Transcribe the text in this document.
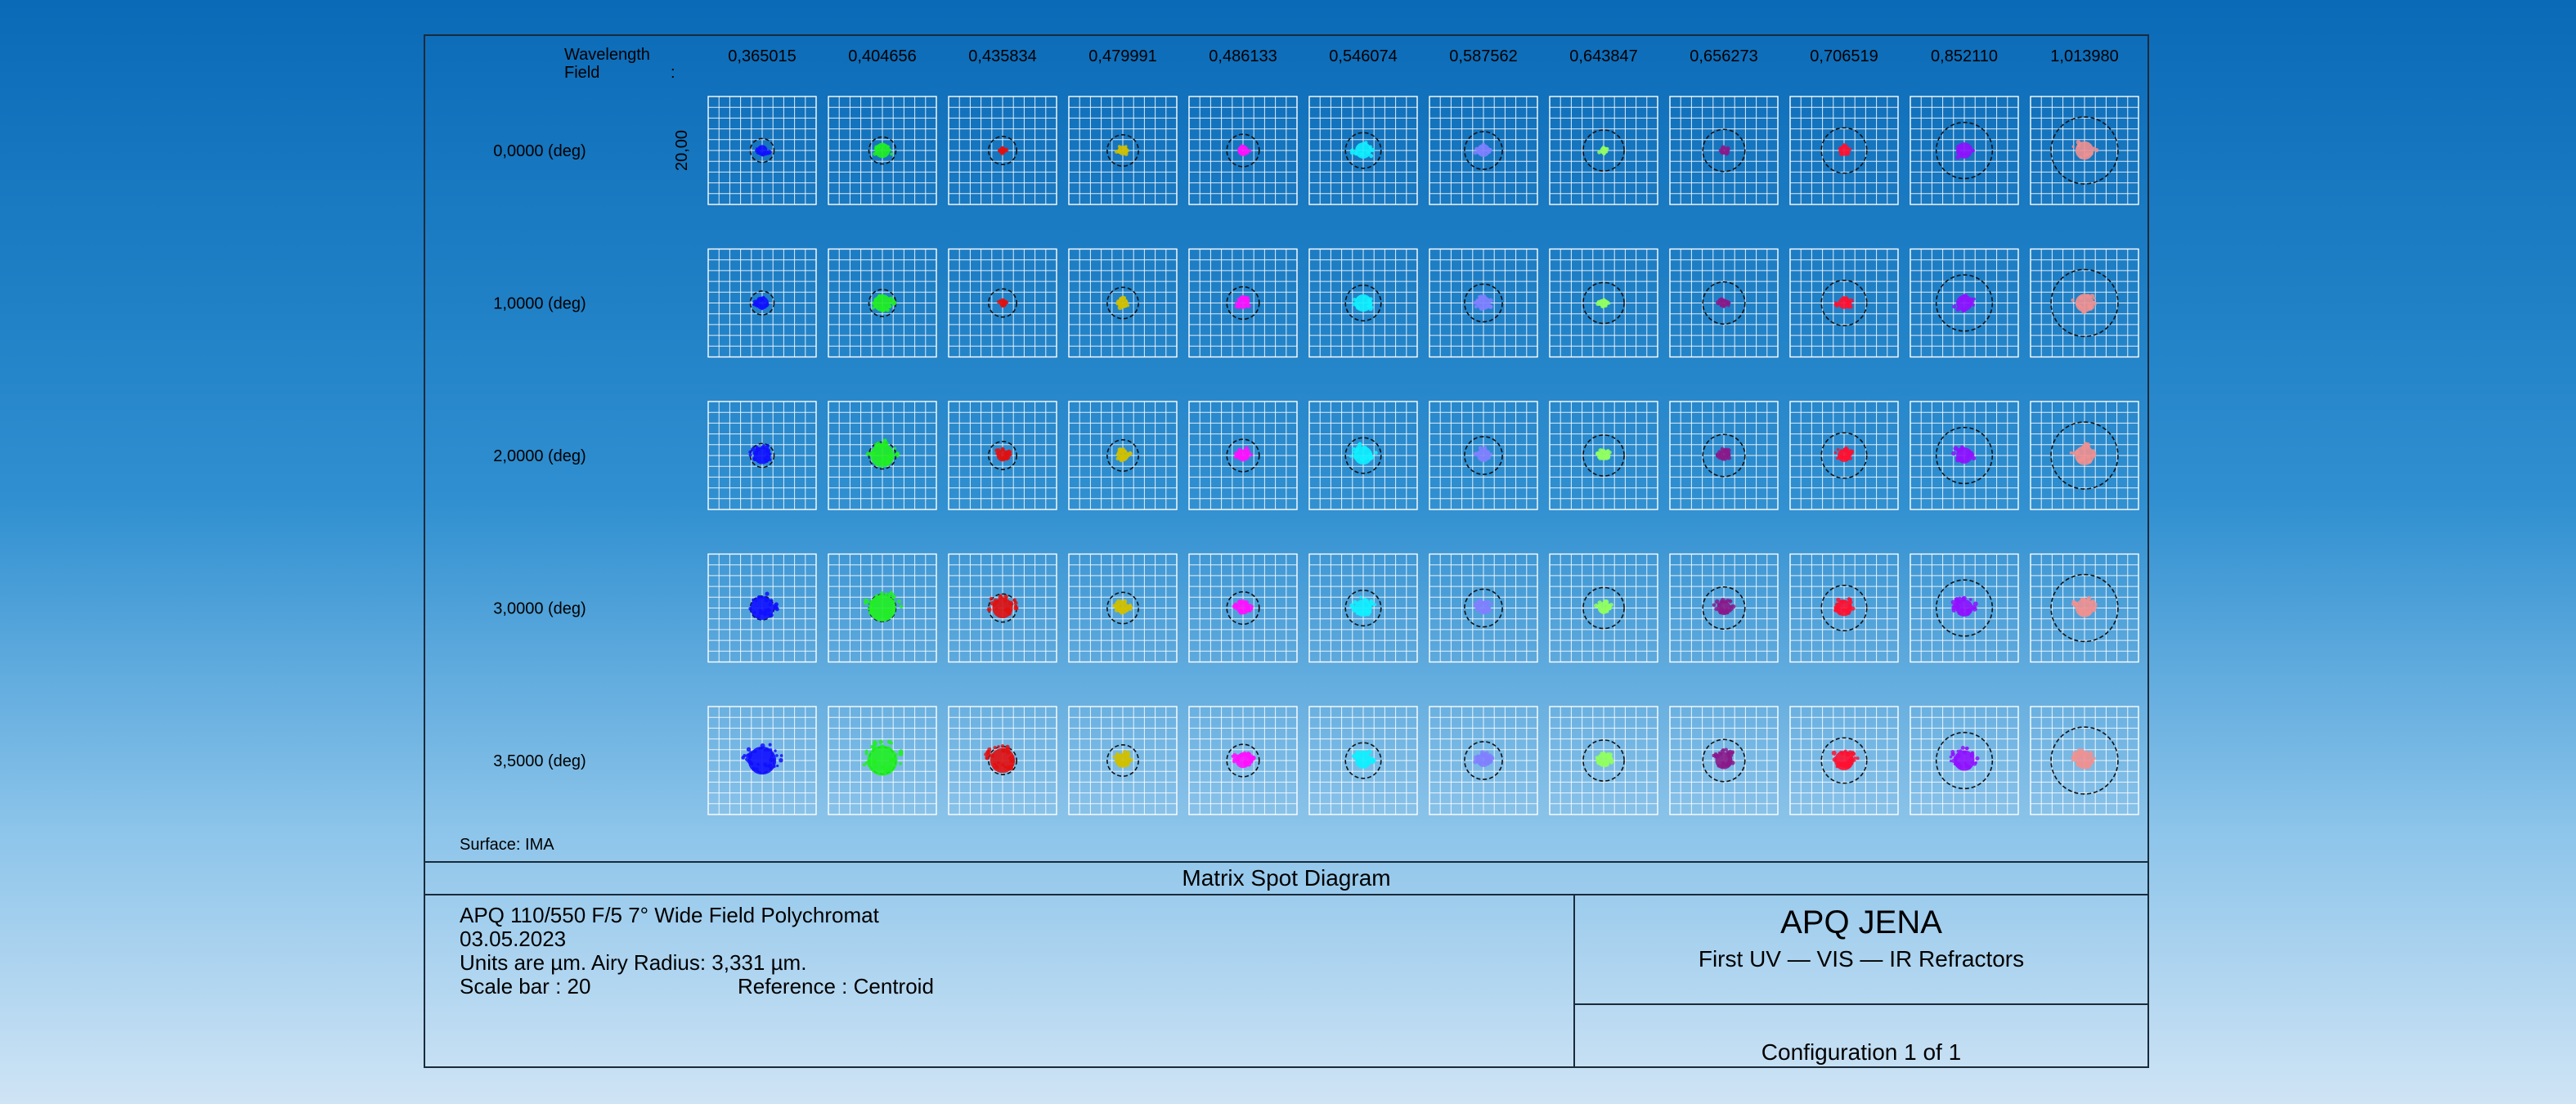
0,365015	0,404656	0,435834	0,479991	0,486133	0,546074	0,587562	0,643847	0,656273	0,706519	0,852110	1,013980
20,00
0,0000 (deg)
1,0000 (deg)
2,0000 (deg)
3,0000 (deg)
3,5000 (deg)
Wavelength
Field	:
Surface: IMA
Matrix Spot Diagram
APQ 110/550 F/5 7° Wide Field Polychromat
03.05.2023
Units are µm. Airy Radius: 3,331 µm.
Scale bar : 20	Reference : Centroid
APQ JENA
First UV — VIS — IR Refractors
Configuration 1 of 1
